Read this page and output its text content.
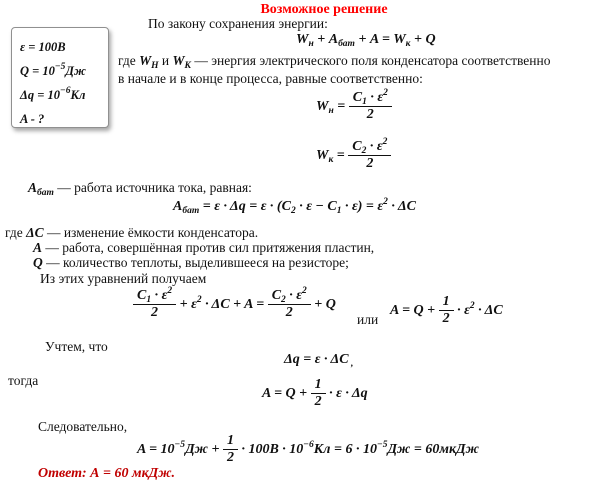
ε = 100В
$Q = 10^{-5}Дж$
$\Delta q = 10^{-6}Кл$
A - ?
Возможное решение
По закону сохранения энергии:
$W_н + A_{бат} + A = W_к + Q$
где $W_Н$ и $W_К$ — энергия электрического поля конденсатора соответственно
в начале и в конце процесса, равные соответственно:
$W_н = \frac{C_1 \cdot \varepsilon^2}{2}$
$W_к = \frac{C_2 \cdot \varepsilon^2}{2}$
$A_{бат}$ — работа источника тока, равная:
$A_{бат} = \varepsilon \cdot \Delta q = \varepsilon \cdot (C_2 \cdot \varepsilon - C_1 \cdot \varepsilon) = \varepsilon^2 \cdot \Delta C$
где ΔC — изменение ёмкости конденсатора.
A — работа, совершённая против сил притяжения пластин,
Q — количество теплоты, выделившееся на резисторе;
Из этих уравнений получаем
$\frac{C_1 \cdot \varepsilon^2}{2} + \varepsilon^2 \cdot \Delta C + A = \frac{C_2 \cdot \varepsilon^2}{2} + Q$
или
$A = Q + \frac{1}{2} \cdot \varepsilon^2 \cdot \Delta C$
Учтем, что
Δq = ε · ΔC $_,$
тогда
$A = Q + \frac{1}{2} \cdot \varepsilon \cdot \Delta q$
Следовательно,
$A = 10^{-5}Дж + \frac{1}{2} \cdot 100В \cdot 10^{-6}Кл = 6 \cdot 10^{-5}Дж$ = 60мкДж
Ответ: А = 60 мкДж.
